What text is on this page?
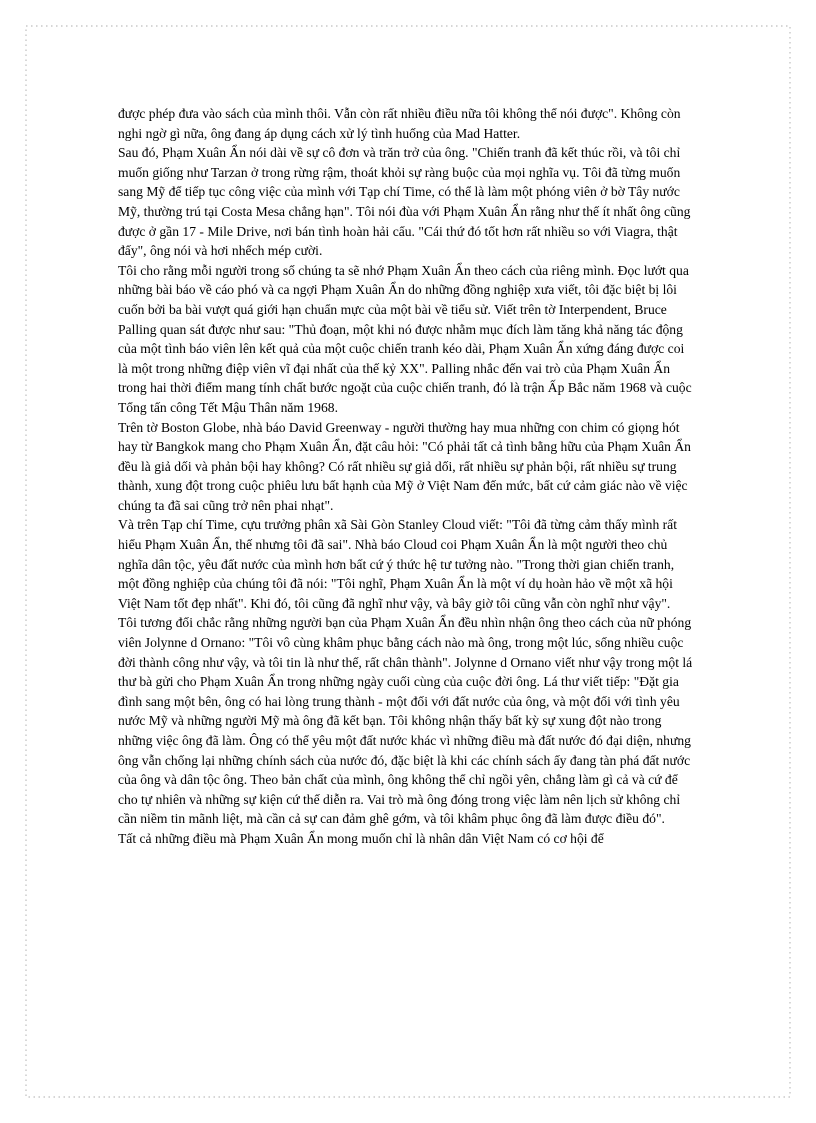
được phép đưa vào sách của mình thôi. Vẫn còn rất nhiều điều nữa tôi không thể nói được". Không còn nghi ngờ gì nữa, ông đang áp dụng cách xử lý tình huống của Mad Hatter.

Sau đó, Phạm Xuân Ẩn nói dài về sự cô đơn và trăn trở của ông. "Chiến tranh đã kết thúc rồi, và tôi chỉ muốn giống như Tarzan ở trong rừng rậm, thoát khỏi sự ràng buộc của mọi nghĩa vụ. Tôi đã từng muốn sang Mỹ để tiếp tục công việc của mình với Tạp chí Time, có thể là làm một phóng viên ở bờ Tây nước Mỹ, thường trú tại Costa Mesa chẳng hạn". Tôi nói đùa với Phạm Xuân Ẩn rằng như thế ít nhất ông cũng được ở gần 17 - Mile Drive, nơi bán tình hoàn hải cẩu. "Cái thứ đó tốt hơn rất nhiều so với Viagra, thật đấy", ông nói và hơi nhếch mép cười.

Tôi cho rằng mỗi người trong số chúng ta sẽ nhớ Phạm Xuân Ẩn theo cách của riêng mình. Đọc lướt qua những bài báo về cáo phó và ca ngợi Phạm Xuân Ẩn do những đồng nghiệp xưa viết, tôi đặc biệt bị lôi cuốn bởi ba bài vượt quá giới hạn chuẩn mực của một bài về tiểu sử. Viết trên tờ Interpendent, Bruce Palling quan sát được như sau: "Thủ đoạn, một khi nó được nhằm mục đích làm tăng khả năng tác động của một tình báo viên lên kết quả của một cuộc chiến tranh kéo dài, Phạm Xuân Ẩn xứng đáng được coi là một trong những điệp viên vĩ đại nhất của thế kỷ XX". Palling nhắc đến vai trò của Phạm Xuân Ẩn trong hai thời điểm mang tính chất bước ngoặt của cuộc chiến tranh, đó là trận Ấp Bắc năm 1968 và cuộc Tổng tấn công Tết Mậu Thân năm 1968.

Trên tờ Boston Globe, nhà báo David Greenway - người thường hay mua những con chim có giọng hót hay từ Bangkok mang cho Phạm Xuân Ẩn, đặt câu hỏi: "Có phải tất cả tình bằng hữu của Phạm Xuân Ẩn đều là giả dối và phản bội hay không? Có rất nhiều sự giả dối, rất nhiều sự phản bội, rất nhiều sự trung thành, xung đột trong cuộc phiêu lưu bất hạnh của Mỹ ở Việt Nam đến mức, bất cứ cảm giác nào về việc chúng ta đã sai cũng trở nên phai nhạt".

Và trên Tạp chí Time, cựu trưởng phân xã Sài Gòn Stanley Cloud viết: "Tôi đã từng cảm thấy mình rất hiểu Phạm Xuân Ẩn, thế nhưng tôi đã sai". Nhà báo Cloud coi Phạm Xuân Ẩn là một người theo chủ nghĩa dân tộc, yêu đất nước của mình hơn bất cứ ý thức hệ tư tưởng nào. "Trong thời gian chiến tranh, một đồng nghiệp của chúng tôi đã nói: "Tôi nghĩ, Phạm Xuân Ẩn là một ví dụ hoàn hảo về một xã hội Việt Nam tốt đẹp nhất". Khi đó, tôi cũng đã nghĩ như vậy, và bây giờ tôi cũng vẫn còn nghĩ như vậy".

Tôi tương đối chắc rằng những người bạn của Phạm Xuân Ẩn đều nhìn nhận ông theo cách của nữ phóng viên Jolynne d Ornano: "Tôi vô cùng khâm phục bằng cách nào mà ông, trong một lúc, sống nhiều cuộc đời thành công như vậy, và tôi tin là như thế, rất chân thành". Jolynne d Ornano viết như vậy trong một lá thư bà gửi cho Phạm Xuân Ẩn trong những ngày cuối cùng của cuộc đời ông. Lá thư viết tiếp: "Đặt gia đình sang một bên, ông có hai lòng trung thành - một đối với đất nước của ông, và một đối với tình yêu nước Mỹ và những người Mỹ mà ông đã kết bạn. Tôi không nhận thấy bất kỳ sự xung đột nào trong những việc ông đã làm. Ông có thể yêu một đất nước khác vì những điều mà đất nước đó đại diện, nhưng ông vẫn chống lại những chính sách của nước đó, đặc biệt là khi các chính sách ấy đang tàn phá đất nước của ông và dân tộc ông. Theo bản chất của mình, ông không thể chỉ ngồi yên, chẳng làm gì cả và cứ để cho tự nhiên và những sự kiện cứ thế diễn ra. Vai trò mà ông đóng trong việc làm nên lịch sử không chỉ cần niềm tin mãnh liệt, mà cần cả sự can đảm ghê gớm, và tôi khâm phục ông đã làm được điều đó".

Tất cả những điều mà Phạm Xuân Ẩn mong muốn chỉ là nhân dân Việt Nam có cơ hội để
